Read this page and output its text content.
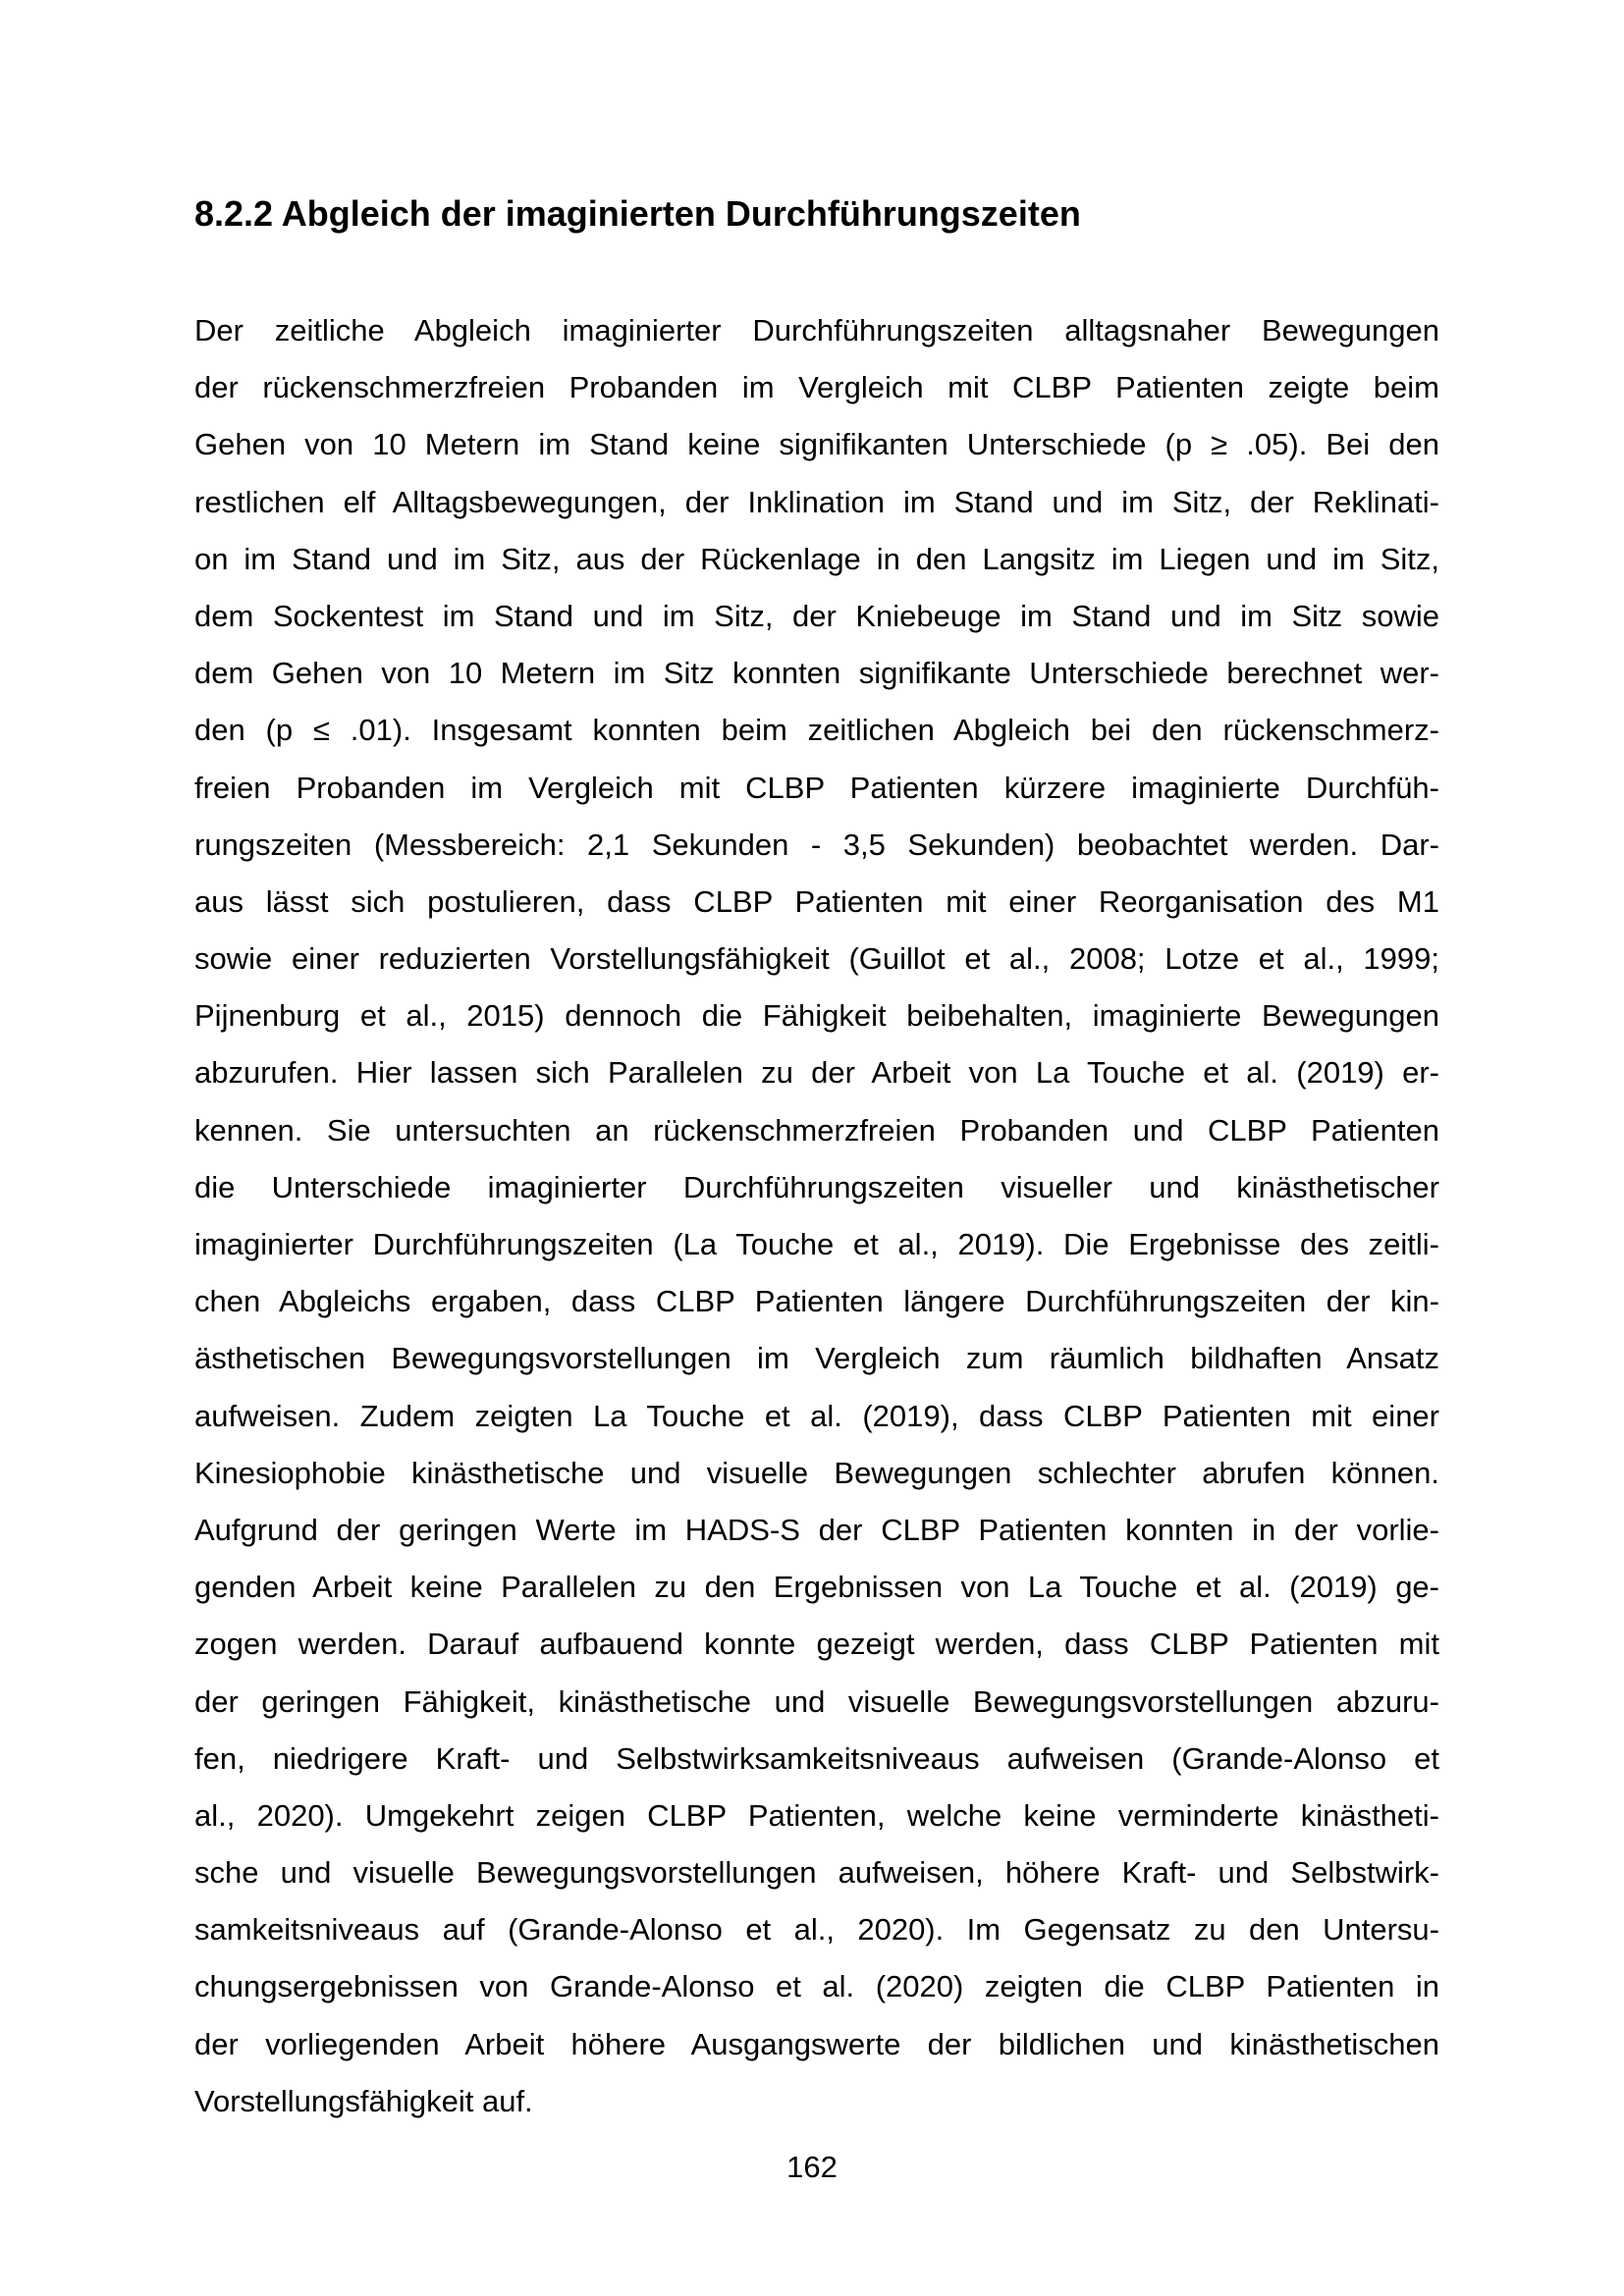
8.2.2 Abgleich der imaginierten Durchführungszeiten
Der zeitliche Abgleich imaginierter Durchführungszeiten alltagsnaher Bewegungen
der rückenschmerzfreien Probanden im Vergleich mit CLBP Patienten zeigte beim
Gehen von 10 Metern im Stand keine signifikanten Unterschiede (p ≥ .05). Bei den
restlichen elf Alltagsbewegungen, der Inklination im Stand und im Sitz, der Reklinati-
on im Stand und im Sitz, aus der Rückenlage in den Langsitz im Liegen und im Sitz,
dem Sockentest im Stand und im Sitz, der Kniebeuge im Stand und im Sitz sowie
dem Gehen von 10 Metern im Sitz konnten signifikante Unterschiede berechnet wer-
den (p ≤ .01). Insgesamt konnten beim zeitlichen Abgleich bei den rückenschmerz-
freien Probanden im Vergleich mit CLBP Patienten kürzere imaginierte Durchfüh-
rungszeiten (Messbereich: 2,1 Sekunden - 3,5 Sekunden) beobachtet werden. Dar-
aus lässt sich postulieren, dass CLBP Patienten mit einer Reorganisation des M1
sowie einer reduzierten Vorstellungsfähigkeit (Guillot et al., 2008; Lotze et al., 1999;
Pijnenburg et al., 2015) dennoch die Fähigkeit beibehalten, imaginierte Bewegungen
abzurufen. Hier lassen sich Parallelen zu der Arbeit von La Touche et al. (2019) er-
kennen. Sie untersuchten an rückenschmerzfreien Probanden und CLBP Patienten
die Unterschiede imaginierter Durchführungszeiten visueller und kinästhetischer
imaginierter Durchführungszeiten (La Touche et al., 2019). Die Ergebnisse des zeitli-
chen Abgleichs ergaben, dass CLBP Patienten längere Durchführungszeiten der kin-
ästhetischen Bewegungsvorstellungen im Vergleich zum räumlich bildhaften Ansatz
aufweisen. Zudem zeigten La Touche et al. (2019), dass CLBP Patienten mit einer
Kinesiophobie kinästhetische und visuelle Bewegungen schlechter abrufen können.
Aufgrund der geringen Werte im HADS-S der CLBP Patienten konnten in der vorlie-
genden Arbeit keine Parallelen zu den Ergebnissen von La Touche et al. (2019) ge-
zogen werden. Darauf aufbauend konnte gezeigt werden, dass CLBP Patienten mit
der geringen Fähigkeit, kinästhetische und visuelle Bewegungsvorstellungen abzuru-
fen, niedrigere Kraft- und Selbstwirksamkeitsniveaus aufweisen (Grande-Alonso et
al., 2020). Umgekehrt zeigen CLBP Patienten, welche keine verminderte kinästheti-
sche und visuelle Bewegungsvorstellungen aufweisen, höhere Kraft- und Selbstwirk-
samkeitsniveaus auf (Grande-Alonso et al., 2020). Im Gegensatz zu den Untersu-
chungsergebnissen von Grande-Alonso et al. (2020) zeigten die CLBP Patienten in
der vorliegenden Arbeit höhere Ausgangswerte der bildlichen und kinästhetischen
Vorstellungsfähigkeit auf.
162
